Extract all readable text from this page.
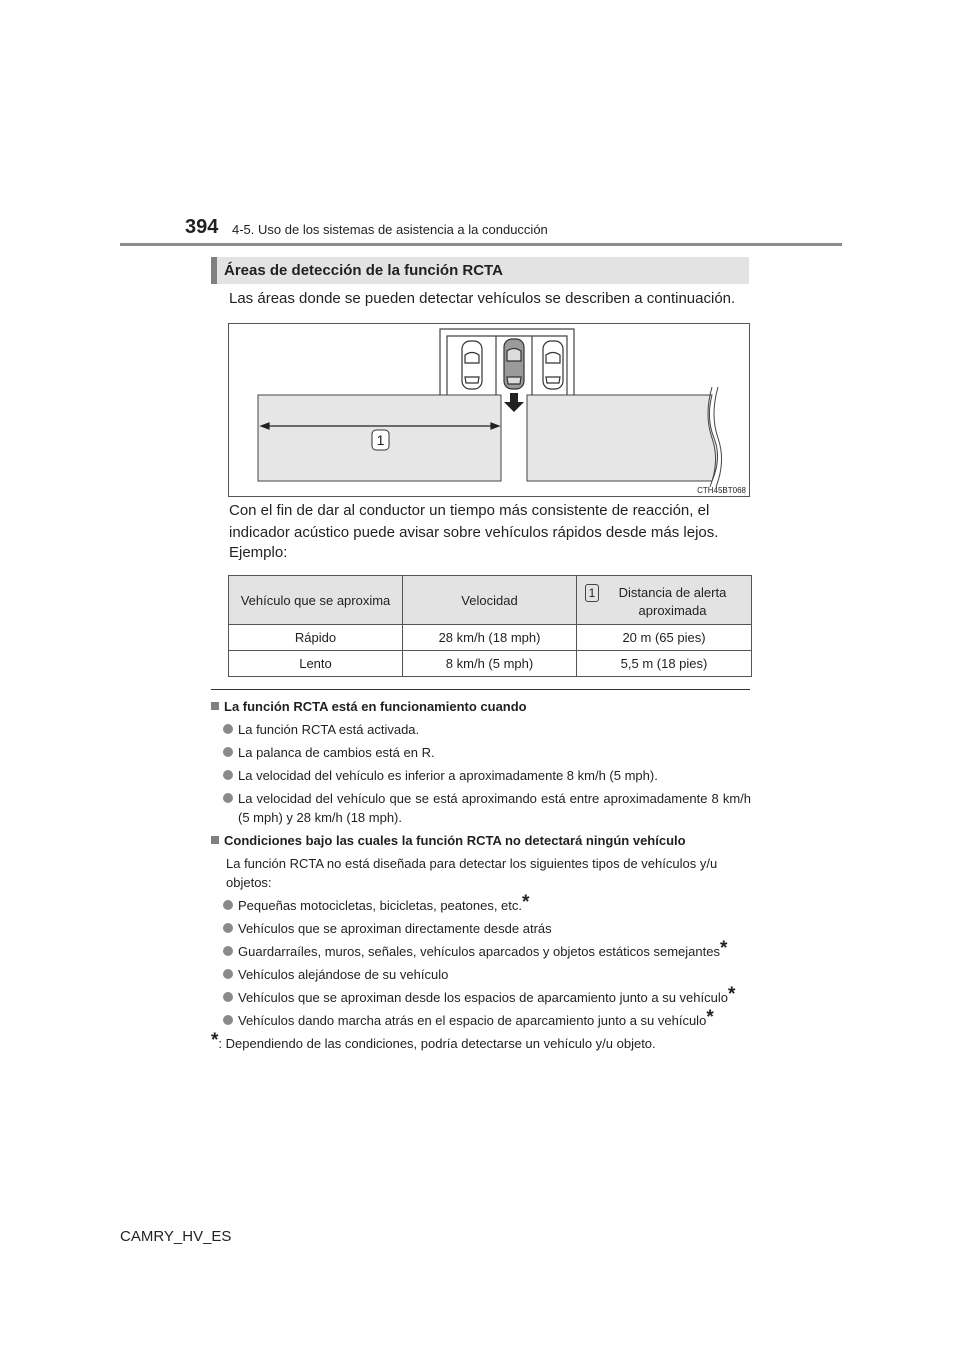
394 4-5. Uso de los sistemas de asistencia a la conducción
Áreas de detección de la función RCTA
Las áreas donde se pueden detectar vehículos se describen a continuación.
1
CTH45BT068
Con el fin de dar al conductor un tiempo más consistente de reacción, el indicador acústico puede avisar sobre vehículos rápidos desde más lejos.
Ejemplo:
Vehículo que se aproxima	Velocidad	1 Distancia de alerta aproximada

Rápido	28 km/h (18 mph)	20 m (65 pies)
Lento	8 km/h (5 mph)	5,5 m (18 pies)
La función RCTA está en funcionamiento cuando
La función RCTA está activada.
La palanca de cambios está en R.
La velocidad del vehículo es inferior a aproximadamente 8 km/h (5 mph).
La velocidad del vehículo que se está aproximando está entre aproximadamente 8 km/h (5 mph) y 28 km/h (18 mph).
Condiciones bajo las cuales la función RCTA no detectará ningún vehículo
La función RCTA no está diseñada para detectar los siguientes tipos de vehículos y/u objetos:
Pequeñas motocicletas, bicicletas, peatones, etc.*
Vehículos que se aproximan directamente desde atrás
Guardarraíles, muros, señales, vehículos aparcados y objetos estáticos semejantes*
Vehículos alejándose de su vehículo
Vehículos que se aproximan desde los espacios de aparcamiento junto a su vehículo*
Vehículos dando marcha atrás en el espacio de aparcamiento junto a su vehículo*
*: Dependiendo de las condiciones, podría detectarse un vehículo y/u objeto.
CAMRY_HV_ES
